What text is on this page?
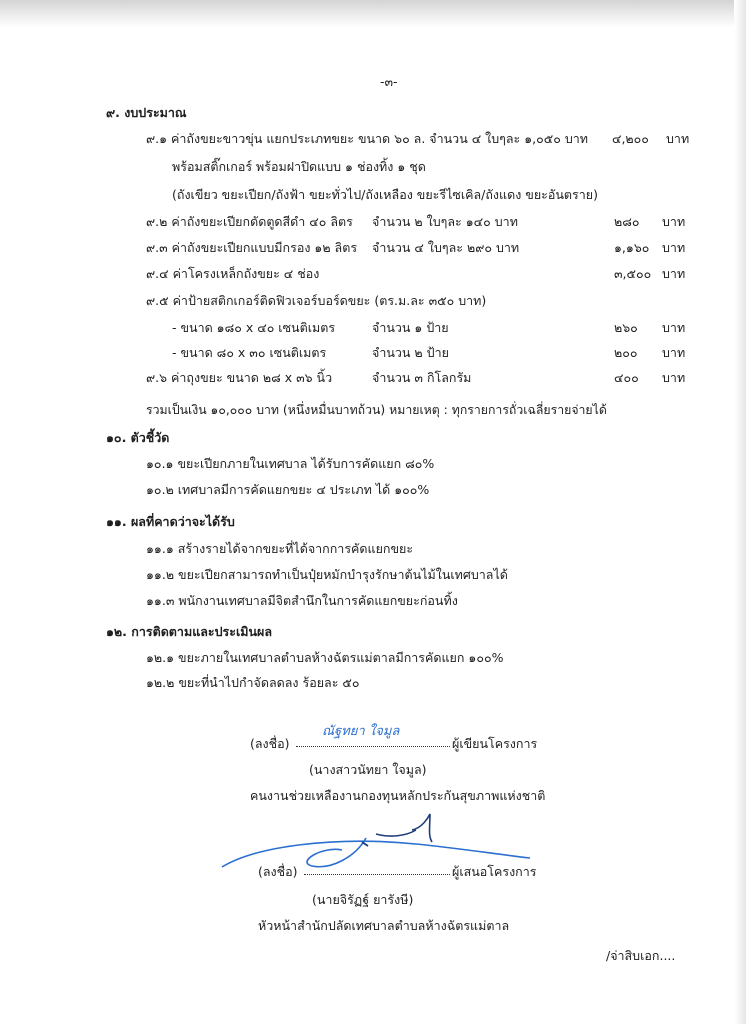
-๓-
๙. งบประมาณ
๙.๑ ค่าถังขยะขาวขุ่น แยกประเภทขยะ ขนาด ๖๐ ล. จำนวน ๔ ใบๆละ ๑,๐๕๐ บาท ๔,๒๐๐ บาท
พร้อมสติ๊กเกอร์ พร้อมฝาปิดแบบ ๑ ช่องทิ้ง ๑ ชุด
(ถังเขียว ขยะเปียก/ถังฟ้า ขยะทั่วไป/ถังเหลือง ขยะรีไซเคิล/ถังแดง ขยะอันตราย)
๙.๒ ค่าถังขยะเปียกดัดตูดสีดำ ๔๐ ลิตร จำนวน ๒ ใบๆละ ๑๔๐ บาท	๒๘๐ บาท
๙.๓ ค่าถังขยะเปียกแบบมีกรอง ๑๒ ลิตร จำนวน ๔ ใบๆละ ๒๙๐ บาท	๑,๑๖๐ บาท
๙.๔ ค่าโครงเหล็กถังขยะ ๔ ช่อง	๓,๕๐๐ บาท
๙.๕ ค่าป้ายสติกเกอร์ติดฟิวเจอร์บอร์ดขยะ (ตร.ม.ละ ๓๕๐ บาท)
- ขนาด ๑๘๐ x ๔๐ เซนติเมตร	จำนวน ๑ ป้าย	๒๖๐ บาท
- ขนาด ๘๐ x ๓๐ เซนติเมตร	จำนวน ๒ ป้าย	๒๐๐ บาท
๙.๖ ค่าถุงขยะ ขนาด ๒๘ x ๓๖ นิ้ว	จำนวน ๓ กิโลกรัม	๔๐๐ บาท
รวมเป็นเงิน ๑๐,๐๐๐ บาท (หนึ่งหมื่นบาทถ้วน) หมายเหตุ : ทุกรายการถั่วเฉลี่ยรายจ่ายได้
๑๐. ตัวชี้วัด
๑๐.๑ ขยะเปียกภายในเทศบาล ได้รับการคัดแยก ๘๐%
๑๐.๒ เทศบาลมีการคัดแยกขยะ ๔ ประเภท ได้ ๑๐๐%
๑๑. ผลที่คาดว่าจะได้รับ
๑๑.๑ สร้างรายได้จากขยะที่ได้จากการคัดแยกขยะ
๑๑.๒ ขยะเปียกสามารถทำเป็นปุ๋ยหมักบำรุงรักษาต้นไม้ในเทศบาลได้
๑๑.๓ พนักงานเทศบาลมีจิตสำนึกในการคัดแยกขยะก่อนทิ้ง
๑๒. การติดตามและประเมินผล
๑๒.๑ ขยะภายในเทศบาลตำบลห้างฉัตรแม่ตาลมีการคัดแยก ๑๐๐%
๑๒.๒ ขยะที่นำไปกำจัดลดลง ร้อยละ ๕๐
(ลงชื่อ)
ณัฐทยา ใจมูล
ผู้เขียนโครงการ
(นางสาวนัทยา ใจมูล)
คนงานช่วยเหลืองานกองทุนหลักประกันสุขภาพแห่งชาติ
(ลงชื่อ)	ผู้เสนอโครงการ
(นายจิรัฏฐ์ ยารังษี)
หัวหน้าสำนักปลัดเทศบาลตำบลห้างฉัตรแม่ตาล
/จ่าสิบเอก....
